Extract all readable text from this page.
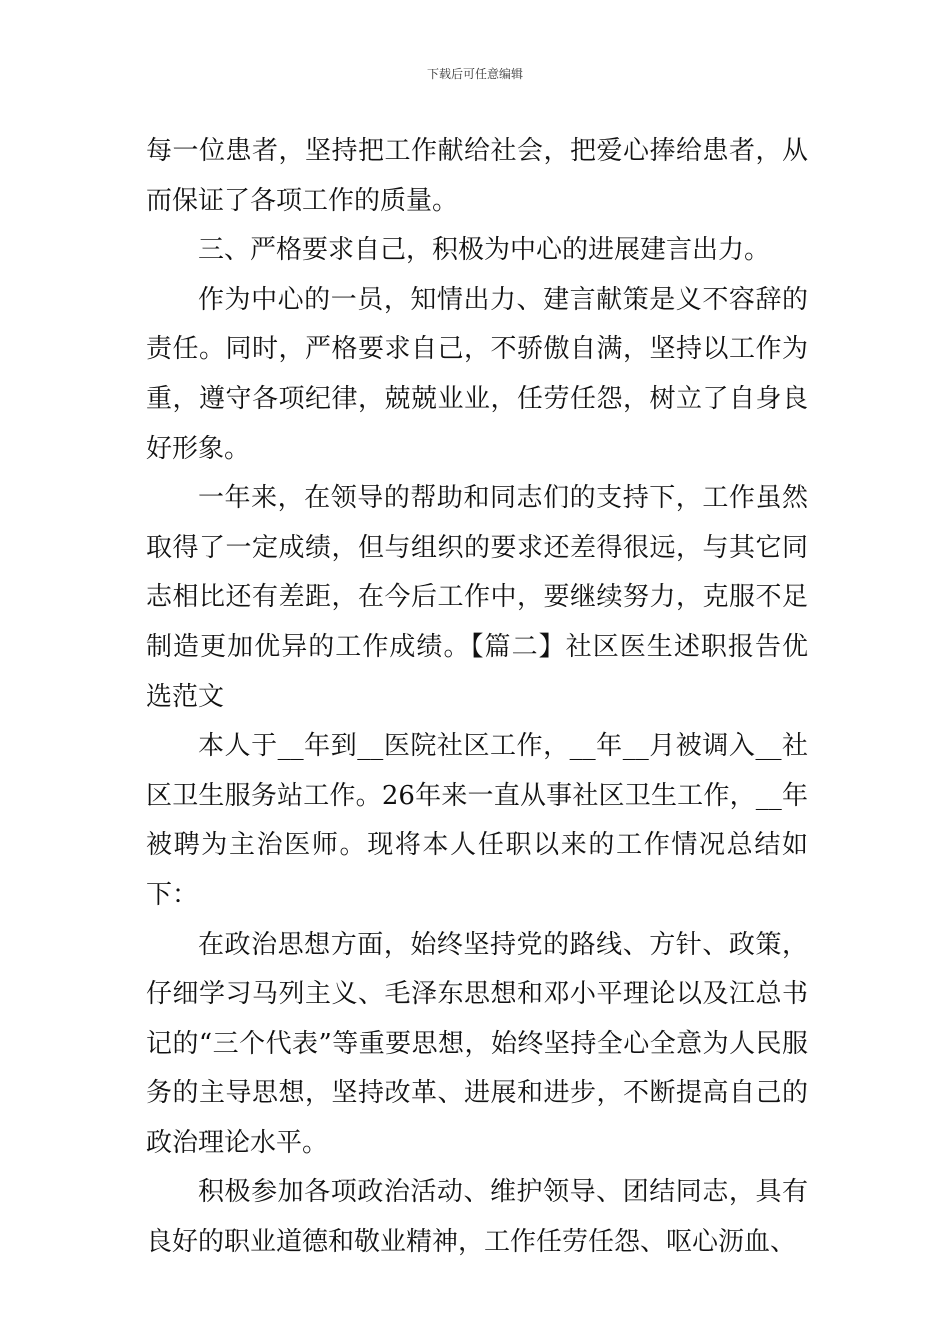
下载后可任意编辑

每一位患者，坚持把工作献给社会，把爱心捧给患者，从而保证了各项工作的质量。

三、严格要求自己，积极为中心的进展建言出力。

作为中心的一员，知情出力、建言献策是义不容辞的责任。同时，严格要求自己，不骄傲自满，坚持以工作为重，遵守各项纪律，兢兢业业，任劳任怨，树立了自身良好形象。

一年来，在领导的帮助和同志们的支持下，工作虽然取得了一定成绩，但与组织的要求还差得很远，与其它同志相比还有差距，在今后工作中，要继续努力，克服不足制造更加优异的工作成绩。【篇二】社区医生述职报告优选范文

本人于__年到__医院社区工作，__年__月被调入__社区卫生服务站工作。26年来一直从事社区卫生工作，__年被聘为主治医师。现将本人任职以来的工作情况总结如下：

在政治思想方面，始终坚持党的路线、方针、政策，仔细学习马列主义、毛泽东思想和邓小平理论以及江总书记的“三个代表”等重要思想，始终坚持全心全意为人民服务的主导思想，坚持改革、进展和进步，不断提高自己的政治理论水平。

积极参加各项政治活动、维护领导、团结同志，具有良好的职业道德和敬业精神，工作任劳任怨、呕心沥血、
